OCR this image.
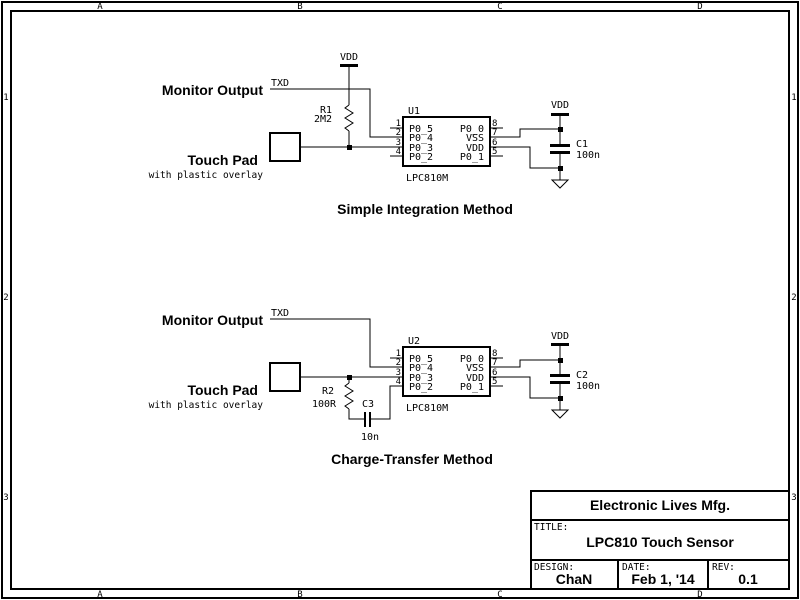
A	B	C	D
A	B	C	D
1
2
3
1
2
3
Monitor Output TXD
VDD
R1
2M2
Touch Pad
with plastic overlay
U1
LPC810M
1
2
3
4
8
7
6
5
P0_5
P0_4
P0_3
P0_2
P0_0
VSS
VDD
P0_1
VDD
C1
100n
Simple Integration Method
Monitor Output TXD
Touch Pad
with plastic overlay
R2
100R	C3
10n
U2
LPC810M
1
2
3
4
8
7
6
5
P0_5
P0_4
P0_3
P0_2
P0_0
VSS
VDD
P0_1
VDD
C2
100n
Charge-Transfer Method
Electronic Lives Mfg.
TITLE:
LPC810 Touch Sensor
DESIGN:
ChaN
DATE:
Feb 1, '14
REV:
0.1
